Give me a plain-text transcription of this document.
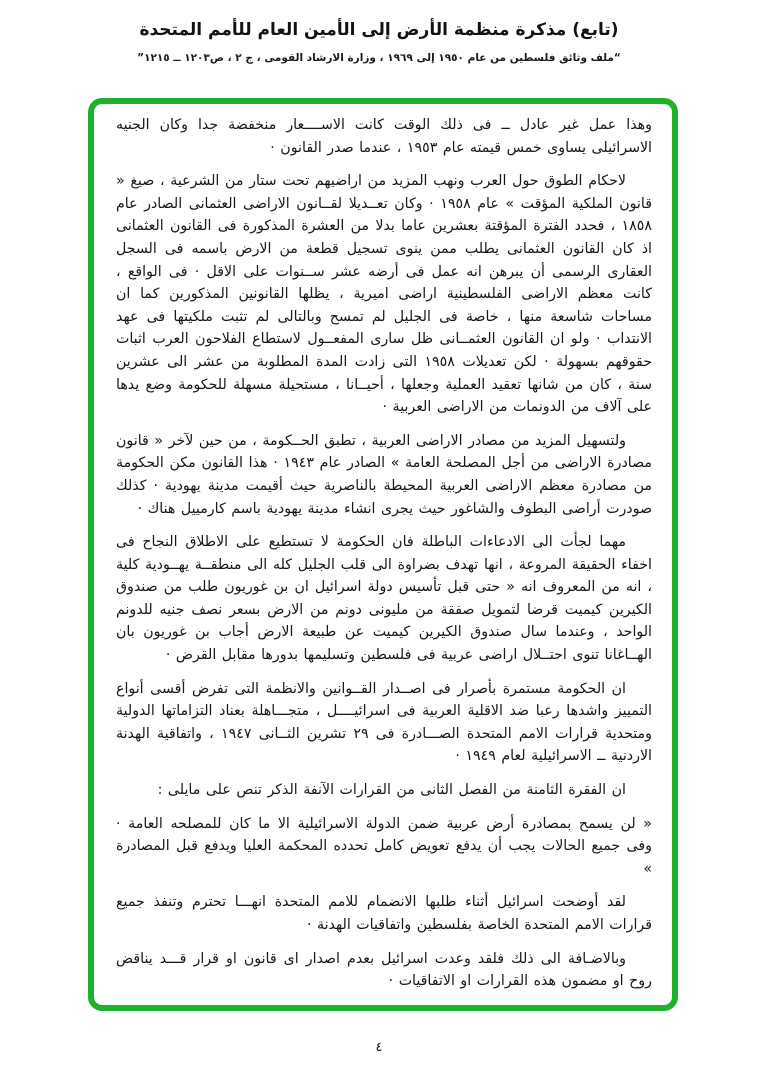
(تابع) مذكرة منظمة الأرض إلى الأمين العام للأمم المتحدة
“ملف وثائق فلسطين من عام ١٩٥٠ إلى ١٩٦٩ ، وزارة الارشاد القومى ، ج ٢ ، ص١٢٠٣ ــ ١٢١٥”

وهذا عمل غير عادل ــ فى ذلك الوقت كانت الاســــعار منخفضة جدا وكان الجنيه الاسرائيلى يساوى خمس قيمته عام ١٩٥٣ ، عندما صدر القانون ·

لاحكام الطوق حول العرب ونهب المزيد من اراضيهم تحت ستار من الشرعية ، صيغ « قانون الملكية المؤقت » عام ١٩٥٨ · وكان تعــديلا لقــانون الاراضى العثمانى الصادر عام ١٨٥٨ ، فحدد الفترة المؤقتة بعشرين عاما بدلا من العشرة المذكورة فى القانون العثمانى اذ كان القانون العثمانى يطلب ممن ينوى تسجيل قطعة من الارض باسمه فى السجل العقارى الرسمى أن يبرهن انه عمل فى أرضه عشر ســنوات على الاقل · فى الواقع ، كانت معظم الاراضى الفلسطينية اراضى اميرية ، يظلها القانونين المذكورين كما ان مساحات شاسعة منها ، خاصة فى الجليل لم تمسح وبالتالى لم تثبت ملكيتها فى عهد الانتداب · ولو ان القانون العثمــانى ظل سارى المفعــول لاستطاع الفلاحون العرب اثبات حقوقهم بسهولة · لكن تعديلات ١٩٥٨ التى زادت المدة المطلوبة من عشر الى عشرين سنة ، كان من شانها تعقيد العملية وجعلها ، أحيــانا ، مستحيلة مسهلة للحكومة وضع يدها على آلاف من الدونمات من الاراضى العربية ·

ولتسهيل المزيد من مصادر الاراضى العربية ، تطبق الحــكومة ، من حين لآخر « قانون مصادرة الاراضى من أجل المصلحة العامة » الصادر عام ١٩٤٣ · هذا القانون مكن الحكومة من مصادرة معظم الاراضى العربية المحيطة بالناصرية حيث أقيمت مدينة يهودية · كذلك صودرت أراضى البطوف والشاغور حيث يجرى انشاء مدينة يهودية باسم كارمييل هناك ·

مهما لجأت الى الادعاءات الباطلة فان الحكومة لا تستطيع على الاطلاق النجاح فى اخفاء الحقيقة المروعة ، انها تهدف بضراوة الى قلب الجليل كله الى منطقــة يهــودية كلية ، انه من المعروف انه « حتى قبل تأسيس دولة اسرائيل ان بن غوريون طلب من صندوق الكيرين كيميت قرضا لتمويل صفقة من مليونى دونم من الارض بسعر نصف جنيه للدونم الواحد ، وعندما سال صندوق الكيرين كيميت عن طبيعة الارض أجاب بن غوريون بان الهــاغانا تنوى احتــلال اراضى عربية فى فلسطين وتسليمها بدورها مقابل القرض ·

ان الحكومة مستمرة بأصرار فى اصــدار القــوانين والانظمة التى تفرض أقسى أنواع التمييز واشدها رعبا ضد الاقلية العربية فى اسرائيــــل ، متجـــاهلة بعناد التزاماتها الدولية ومتحدية قرارات الامم المتحدة الصـــادرة فى ٢٩ تشرين الثــانى ١٩٤٧ ، واتفاقية الهدنة الاردنية ــ الاسرائيلية لعام ١٩٤٩ ·

ان الفقرة الثامنة من الفصل الثانى من القرارات الآنفة الذكر تنص على مايلى :

« لن يسمح بمصادرة أرض عربية ضمن الدولة الاسرائيلية الا ما كان للمصلحه العامة · وفى جميع الحالات يجب أن يدفع تعويض كامل تحدده المحكمة العليا ويدفع قبل المصادرة »

لقد أوضحت اسرائيل أثناء طلبها الانضمام للامم المتحدة انهـــا تحترم وتنفذ جميع قرارات الامم المتحدة الخاصة بفلسطين واتفاقيات الهدنة ·

وبالاضـافة الى ذلك فلقد وعدت اسرائيل بعدم اصدار اى قانون او قرار قـــد يناقض روح او مضمون هذه القرارات او الاتفاقيات ·

٤
